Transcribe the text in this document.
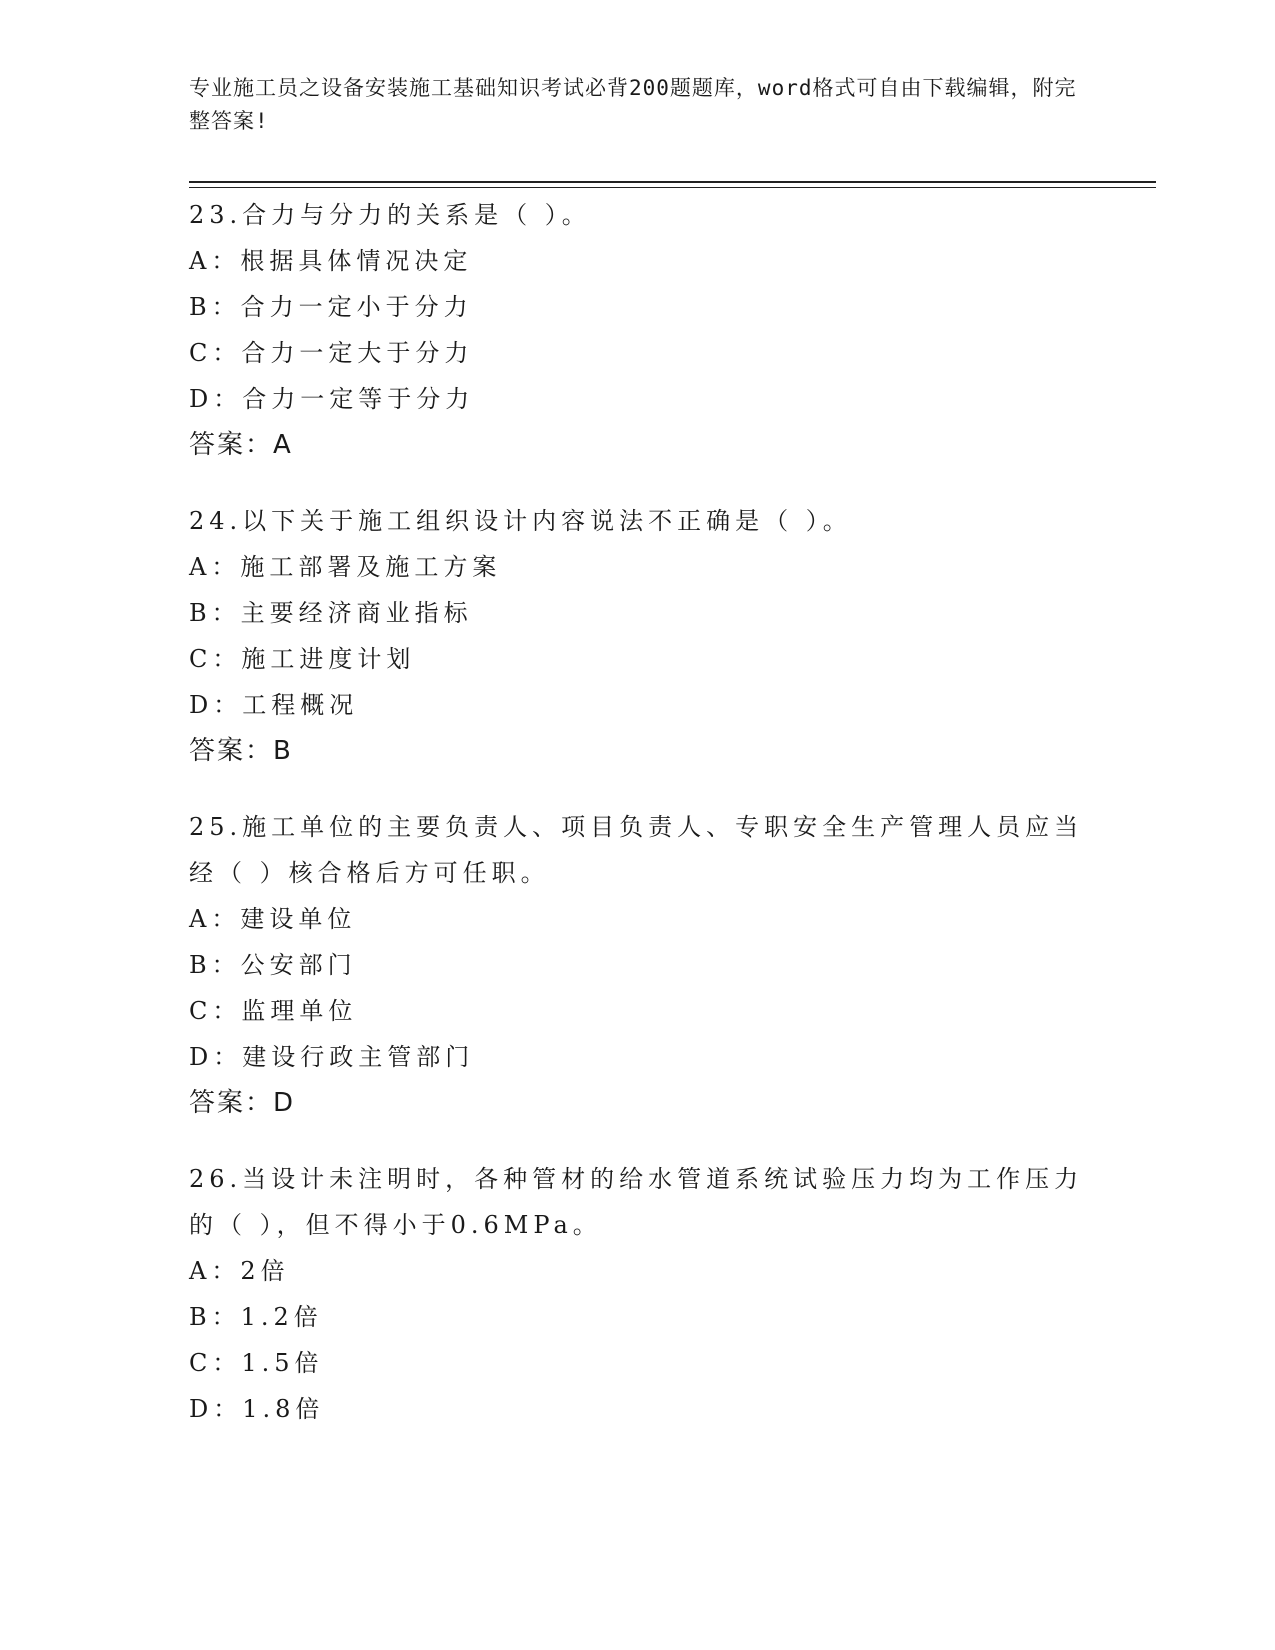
专业施工员之设备安装施工基础知识考试必背200题题库，word格式可自由下载编辑，附完整答案!
23.合力与分力的关系是（ ）。
A：根据具体情况决定
B：合力一定小于分力
C：合力一定大于分力
D：合力一定等于分力
答案：A
24.以下关于施工组织设计内容说法不正确是（ ）。
A：施工部署及施工方案
B：主要经济商业指标
C：施工进度计划
D：工程概况
答案：B
25.施工单位的主要负责人、项目负责人、专职安全生产管理人员应当经（ ）核合格后方可任职。
A：建设单位
B：公安部门
C：监理单位
D：建设行政主管部门
答案：D
26.当设计未注明时，各种管材的给水管道系统试验压力均为工作压力的（ ），但不得小于0.6MPa。
A：2倍
B：1.2倍
C：1.5倍
D：1.8倍
